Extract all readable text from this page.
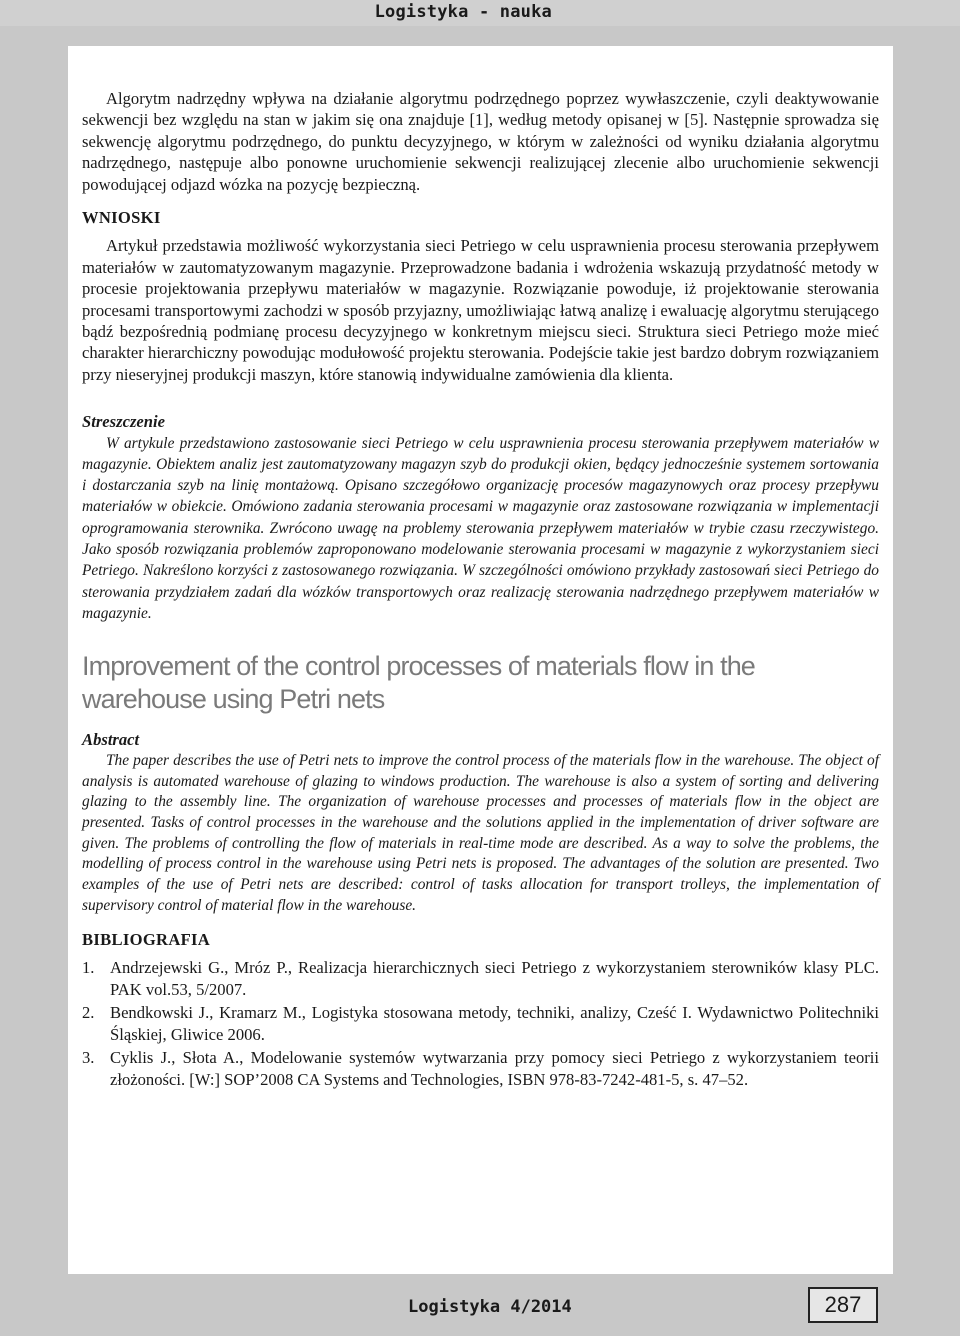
Logistyka - nauka

Algorytm nadrzędny wpływa na działanie algorytmu podrzędnego poprzez wywłaszczenie, czyli deaktywowanie sekwencji bez względu na stan w jakim się ona znajduje [1], według metody opisanej w [5]. Następnie sprowadza się sekwencję algorytmu podrzędnego, do punktu decyzyjnego, w którym w zależności od wyniku działania algorytmu nadrzędnego, następuje albo ponowne uruchomienie sekwencji realizującej zlecenie albo uruchomienie sekwencji powodującej odjazd wózka na pozycję bezpieczną.

WNIOSKI

Artykuł przedstawia możliwość wykorzystania sieci Petriego w celu usprawnienia procesu sterowania przepływem materiałów w zautomatyzowanym magazynie. Przeprowadzone badania i wdrożenia wskazują przydatność metody w procesie projektowania przepływu materiałów w magazynie. Rozwiązanie powoduje, iż projektowanie sterowania procesami transportowymi zachodzi w sposób przyjazny, umożliwiając łatwą analizę i ewaluację algorytmu sterującego bądź bezpośrednią podmianę procesu decyzyjnego w konkretnym miejscu sieci. Struktura sieci Petriego może mieć charakter hierarchiczny powodując modułowość projektu sterowania. Podejście takie jest bardzo dobrym rozwiązaniem przy nieseryjnej produkcji maszyn, które stanowią indywidualne zamówienia dla klienta.

Streszczenie

W artykule przedstawiono zastosowanie sieci Petriego w celu usprawnienia procesu sterowania przepływem materiałów w magazynie. Obiektem analiz jest zautomatyzowany magazyn szyb do produkcji okien, będący jednocześnie systemem sortowania i dostarczania szyb na linię montażową. Opisano szczegółowo organizację procesów magazynowych oraz procesy przepływu materiałów w obiekcie. Omówiono zadania sterowania procesami w magazynie oraz zastosowane rozwiązania w implementacji oprogramowania sterownika. Zwrócono uwagę na problemy sterowania przepływem materiałów w trybie czasu rzeczywistego. Jako sposób rozwiązania problemów zaproponowano modelowanie sterowania procesami w magazynie z wykorzystaniem sieci Petriego. Nakreślono korzyści z zastosowanego rozwiązania. W szczególności omówiono przykłady zastosowań sieci Petriego do sterowania przydziałem zadań dla wózków transportowych oraz realizację sterowania nadrzędnego przepływem materiałów w magazynie.

Improvement of the control processes of materials flow in the warehouse using Petri nets

Abstract

The paper describes the use of Petri nets to improve the control process of the materials flow in the warehouse. The object of analysis is automated warehouse of glazing to windows production. The warehouse is also a system of sorting and delivering glazing to the assembly line. The organization of warehouse processes and processes of materials flow in the object are presented. Tasks of control processes in the warehouse and the solutions applied in the implementation of driver software are given. The problems of controlling the flow of materials in real-time mode are described. As a way to solve the problems, the modelling of process control in the warehouse using Petri nets is proposed. The advantages of the solution are presented. Two examples of the use of Petri nets are described: control of tasks allocation for transport trolleys, the implementation of supervisory control of material flow in the warehouse.

BIBLIOGRAFIA
1. Andrzejewski G., Mróz P., Realizacja hierarchicznych sieci Petriego z wykorzystaniem sterowników klasy PLC. PAK vol.53, 5/2007.
2. Bendkowski J., Kramarz M., Logistyka stosowana metody, techniki, analizy, Cześć I. Wydawnictwo Politechniki Śląskiej, Gliwice 2006.
3. Cyklis J., Słota A., Modelowanie systemów wytwarzania przy pomocy sieci Petriego z wykorzystaniem teorii złożoności. [W:] SOP’2008 CA Systems and Technologies, ISBN 978-83-7242-481-5, s. 47–52.
Logistyka 4/2014	287
